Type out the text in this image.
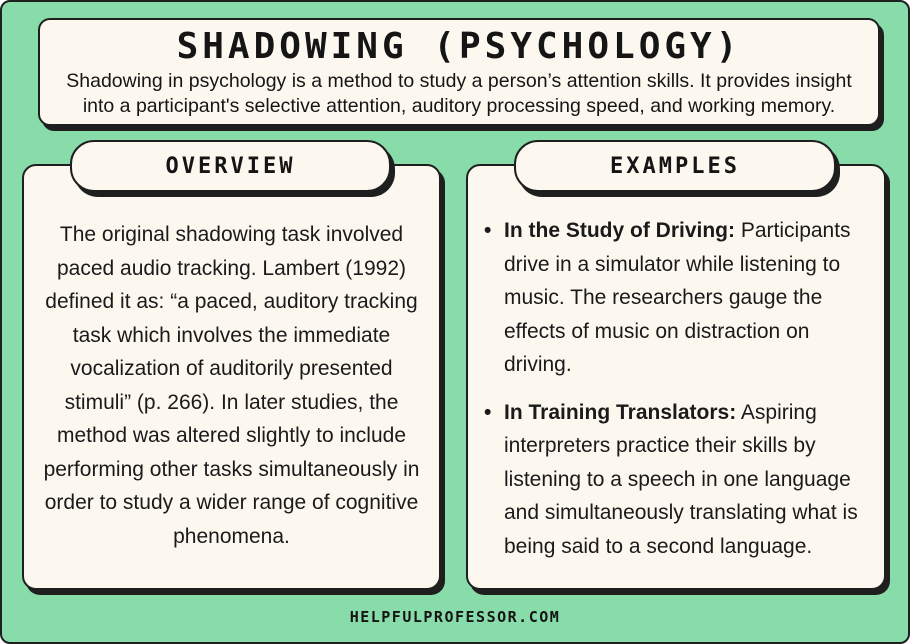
SHADOWING (PSYCHOLOGY)

Shadowing in psychology is a method to study a person’s attention skills. It provides insight into a participant's selective attention, auditory processing speed, and working memory.

The original shadowing task involved paced audio tracking. Lambert (1992) defined it as: “a paced, auditory tracking task which involves the immediate vocalization of auditorily presented stimuli” (p. 266). In later studies, the method was altered slightly to include performing other tasks simultaneously in order to study a wider range of cognitive phenomena.

OVERVIEW
• In the Study of Driving: Participants drive in a simulator while listening to music. The researchers gauge the effects of music on distraction on driving.
• In Training Translators: Aspiring interpreters practice their skills by listening to a speech in one language and simultaneously translating what is being said to a second language.
EXAMPLES
HELPFULPROFESSOR.COM
